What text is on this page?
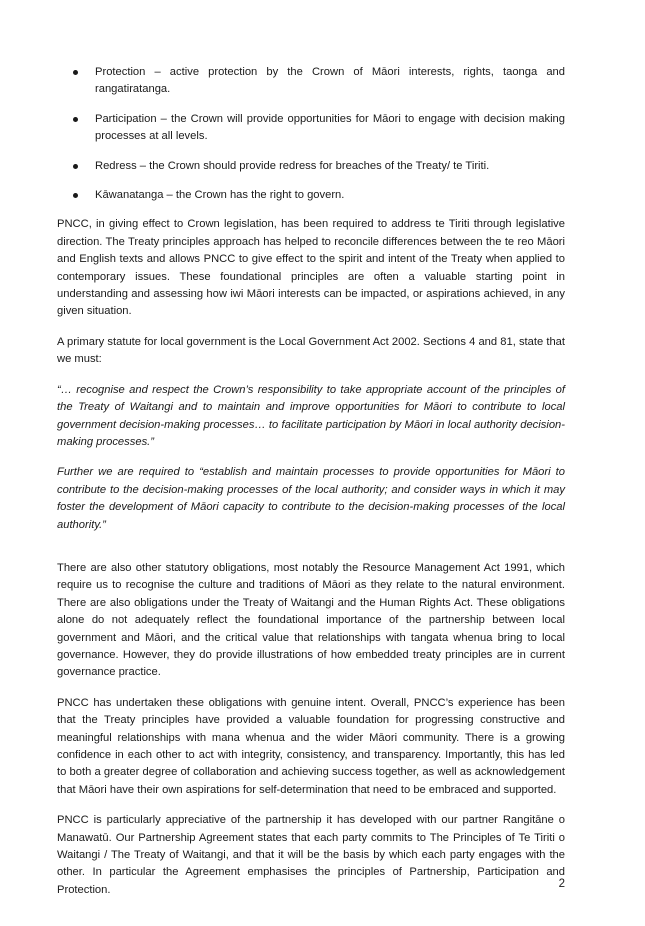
Protection – active protection by the Crown of Māori interests, rights, taonga and rangatiratanga.
Participation – the Crown will provide opportunities for Māori to engage with decision making processes at all levels.
Redress – the Crown should provide redress for breaches of the Treaty/ te Tiriti.
Kāwanatanga – the Crown has the right to govern.

PNCC, in giving effect to Crown legislation, has been required to address te Tiriti through legislative direction. The Treaty principles approach has helped to reconcile differences between the te reo Māori and English texts and allows PNCC to give effect to the spirit and intent of the Treaty when applied to contemporary issues. These foundational principles are often a valuable starting point in understanding and assessing how iwi Māori interests can be impacted, or aspirations achieved, in any given situation.

A primary statute for local government is the Local Government Act 2002. Sections 4 and 81, state that we must:

“… recognise and respect the Crown’s responsibility to take appropriate account of the principles of the Treaty of Waitangi and to maintain and improve opportunities for Māori to contribute to local government decision-making processes… to facilitate participation by Māori in local authority decision-making processes.”

Further we are required to “establish and maintain processes to provide opportunities for Māori to contribute to the decision-making processes of the local authority; and consider ways in which it may foster the development of Māori capacity to contribute to the decision-making processes of the local authority.”

There are also other statutory obligations, most notably the Resource Management Act 1991, which require us to recognise the culture and traditions of Māori as they relate to the natural environment. There are also obligations under the Treaty of Waitangi and the Human Rights Act. These obligations alone do not adequately reflect the foundational importance of the partnership between local government and Māori, and the critical value that relationships with tangata whenua bring to local governance. However, they do provide illustrations of how embedded treaty principles are in current governance practice.

PNCC has undertaken these obligations with genuine intent. Overall, PNCC’s experience has been that the Treaty principles have provided a valuable foundation for progressing constructive and meaningful relationships with mana whenua and the wider Māori community. There is a growing confidence in each other to act with integrity, consistency, and transparency. Importantly, this has led to both a greater degree of collaboration and achieving success together, as well as acknowledgement that Māori have their own aspirations for self-determination that need to be embraced and supported.

PNCC is particularly appreciative of the partnership it has developed with our partner Rangitāne o Manawatū. Our Partnership Agreement states that each party commits to The Principles of Te Tiriti o Waitangi / The Treaty of Waitangi, and that it will be the basis by which each party engages with the other. In particular the Agreement emphasises the principles of Partnership, Participation and Protection.	2
